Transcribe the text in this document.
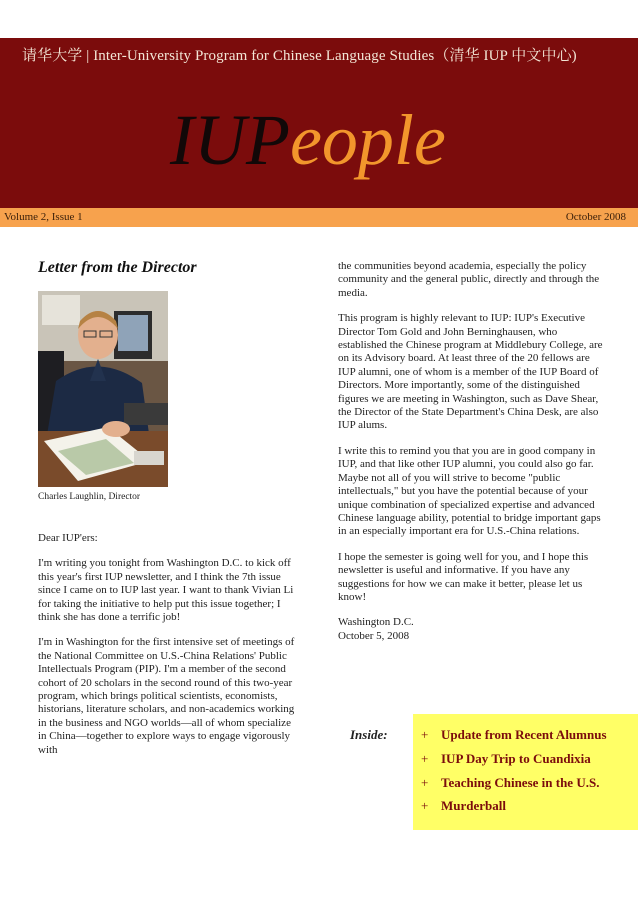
请华大学 | Inter-University Program for Chinese Language Studies（清华 IUP 中文中心)
IUPeople
Volume 2, Issue 1	October 2008
Letter from the Director
Charles Laughlin, Director

Dear IUP'ers:

I'm writing you tonight from Washington D.C. to kick off this year's first IUP newsletter, and I think the 7th issue since I came on to IUP last year. I want to thank Vivian Li for taking the initiative to help put this issue together; I think she has done a terrific job!

I'm in Washington for the first intensive set of meetings of the National Committee on U.S.-China Relations' Public Intellectuals Program (PIP). I'm a member of the second cohort of 20 scholars in the second round of this two-year program, which brings political scientists, economists, historians, literature scholars, and non-academics working in the business and NGO worlds—all of whom specialize in China—together to explore ways to engage vigorously with

the communities beyond academia, especially the policy community and the general public, directly and through the media.

This program is highly relevant to IUP: IUP's Executive Director Tom Gold and John Berninghausen, who established the Chinese program at Middlebury College, are on its Advisory board. At least three of the 20 fellows are IUP alumni, one of whom is a member of the IUP Board of Directors. More importantly, some of the distinguished figures we are meeting in Washington, such as Dave Shear, the Director of the State Department's China Desk, are also IUP alums.

I write this to remind you that you are in good company in IUP, and that like other IUP alumni, you could also go far. Maybe not all of you will strive to become "public intellectuals," but you have the potential because of your unique combination of specialized expertise and advanced Chinese language ability, potential to bridge important gaps in an especially important era for U.S.-China relations.

I hope the semester is going well for you, and I hope this newsletter is useful and informative. If you have any suggestions for how we can make it better, please let us know!

Washington D.C.
October 5, 2008

Inside:	+ Update from Recent Alumnus
+ IUP Day Trip to Cuandixia
+ Teaching Chinese in the U.S.
+ Murderball
